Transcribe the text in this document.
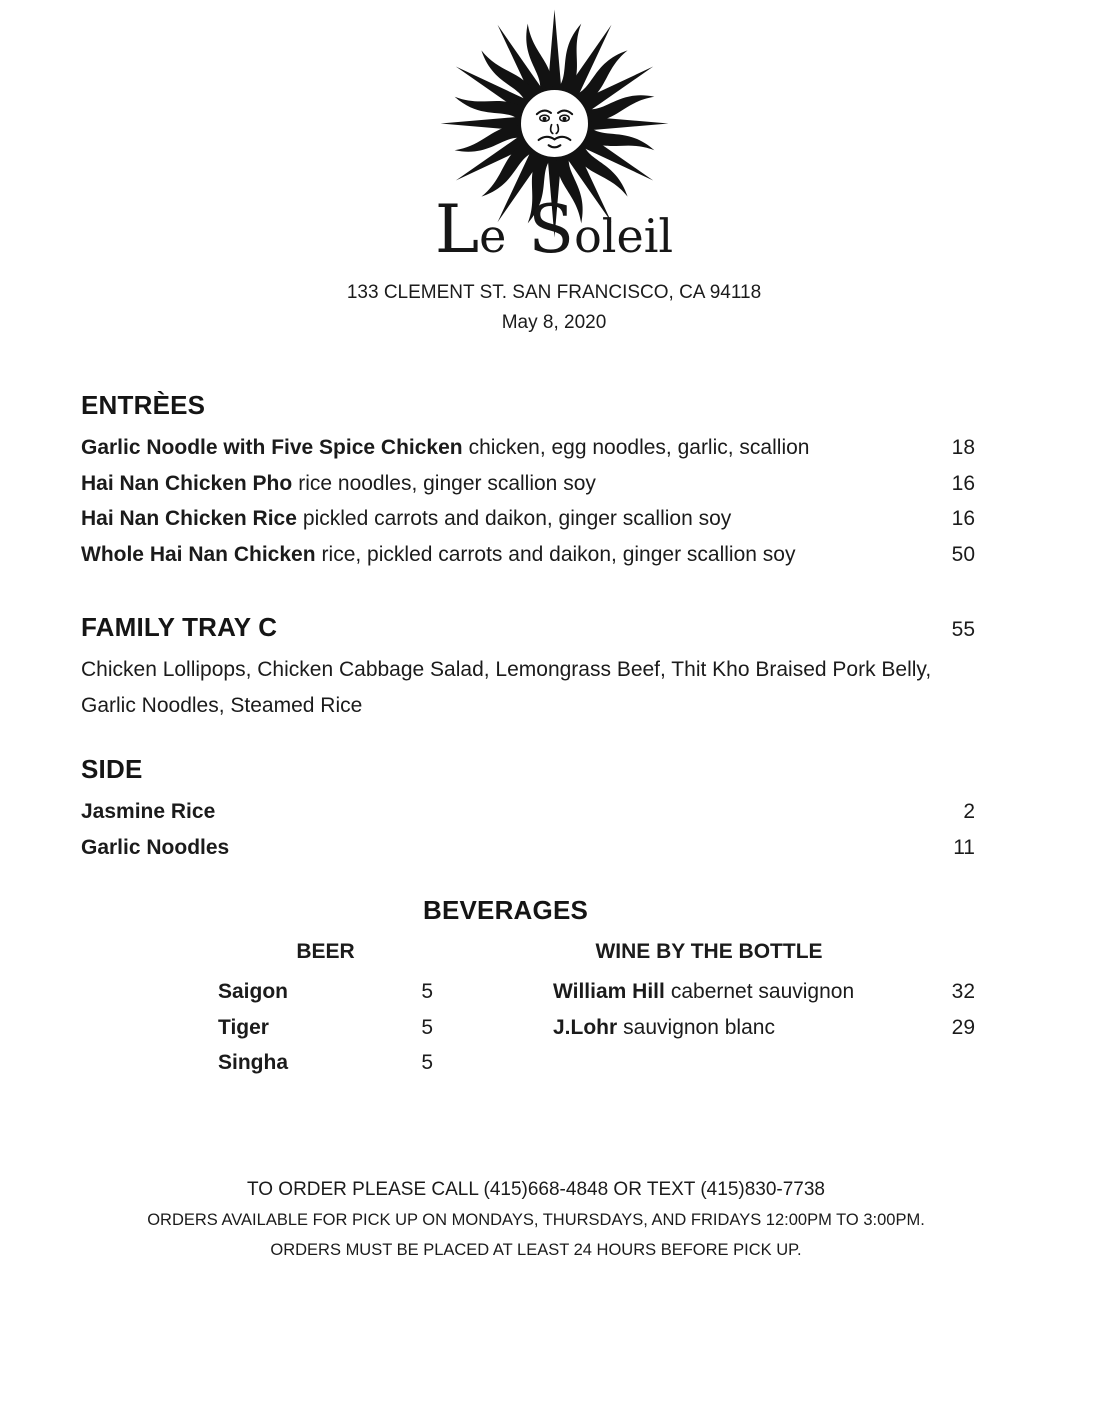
Le Soleil
133 CLEMENT ST. SAN FRANCISCO, CA 94118
May 8, 2020
ENTRÈES
Garlic Noodle with Five Spice Chicken chicken, egg noodles, garlic, scallion	18
Hai Nan Chicken Pho rice noodles, ginger scallion soy	16
Hai Nan Chicken Rice pickled carrots and daikon, ginger scallion soy	16
Whole Hai Nan Chicken rice, pickled carrots and daikon, ginger scallion soy	50
FAMILY TRAY C	55
Chicken Lollipops, Chicken Cabbage Salad, Lemongrass Beef, Thit Kho Braised Pork Belly, Garlic Noodles, Steamed Rice
SIDE
Jasmine Rice	2
Garlic Noodles	11
BEVERAGES
BEER
Saigon	5
Tiger	5
Singha	5
WINE BY THE BOTTLE
William Hill cabernet sauvignon	32
J.Lohr sauvignon blanc	29
TO ORDER PLEASE CALL (415)668-4848 OR TEXT (415)830-7738
ORDERS AVAILABLE FOR PICK UP ON MONDAYS, THURSDAYS, AND FRIDAYS 12:00PM TO 3:00PM.
ORDERS MUST BE PLACED AT LEAST 24 HOURS BEFORE PICK UP.
